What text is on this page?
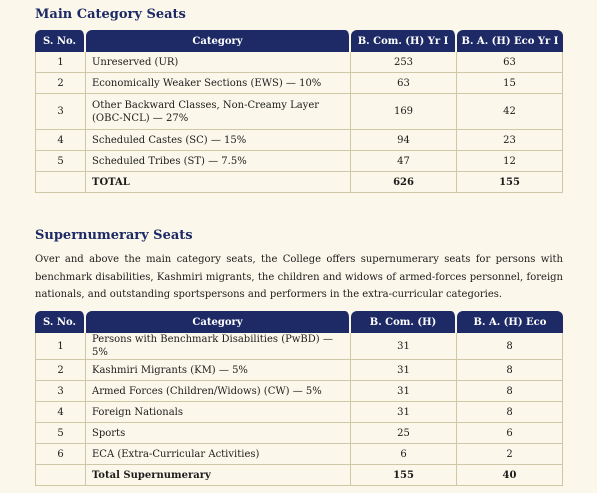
Main Category Seats
S. No.	Category	B. Com. (H) Yr I	B. A. (H) Eco Yr I
1	Unreserved (UR)	253	63
2	Economically Weaker Sections (EWS) — 10%	63	15
3	Other Backward Classes, Non-Creamy Layer (OBC-NCL) — 27%	169	42
4	Scheduled Castes (SC) — 15%	94	23
5	Scheduled Tribes (ST) — 7.5%	47	12
	TOTAL	626	155
Supernumerary Seats

Over and above the main category seats, the College offers supernumerary seats for persons with benchmark disabilities, Kashmiri migrants, the children and widows of armed-forces personnel, foreign nationals, and outstanding sportspersons and performers in the extra-curricular categories.

S. No.	Category	B. Com. (H)	B. A. (H) Eco
1	Persons with Benchmark Disabilities (PwBD) — 5%	31	8
2	Kashmiri Migrants (KM) — 5%	31	8
3	Armed Forces (Children/Widows) (CW) — 5%	31	8
4	Foreign Nationals	31	8
5	Sports	25	6
6	ECA (Extra-Curricular Activities)	6	2
	Total Supernumerary	155	40
